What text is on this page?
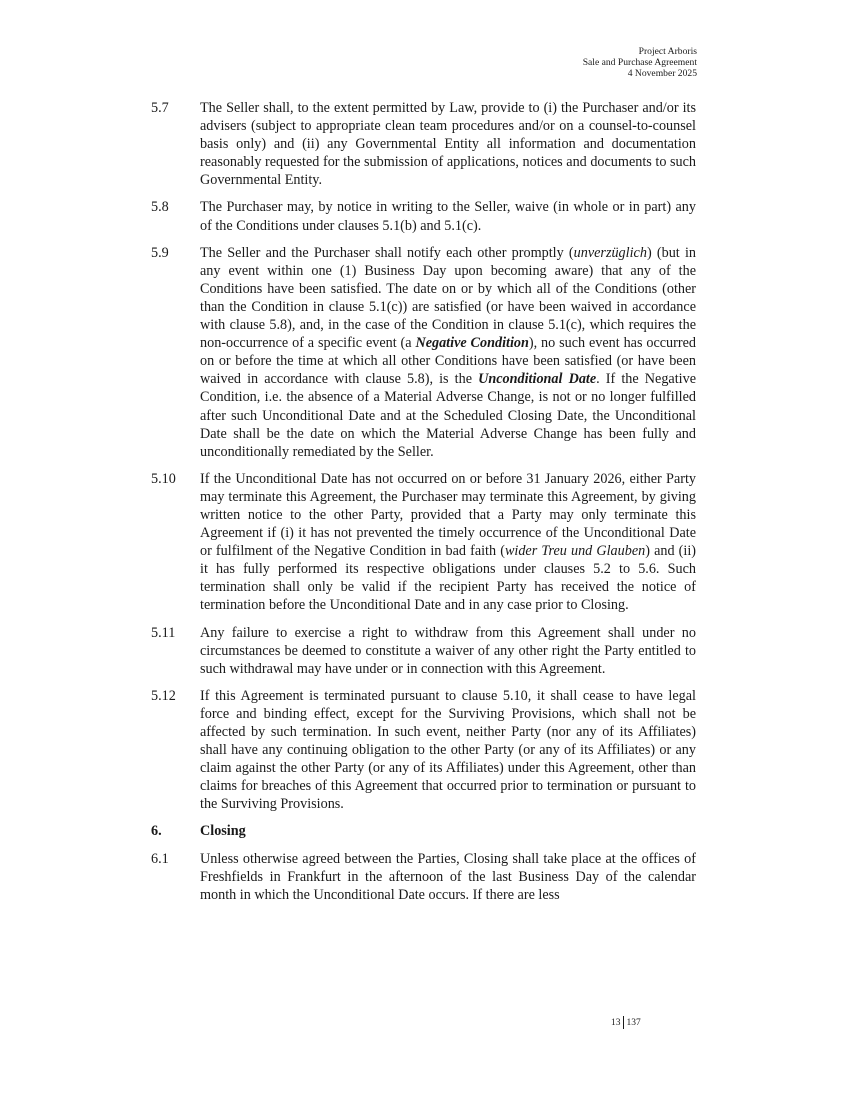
Project Arboris
Sale and Purchase Agreement
4 November 2025
5.7	The Seller shall, to the extent permitted by Law, provide to (i) the Purchaser and/or its advisers (subject to appropriate clean team procedures and/or on a counsel-to-counsel basis only) and (ii) any Governmental Entity all information and documentation reasonably requested for the submission of applications, notices and documents to such Governmental Entity.
5.8	The Purchaser may, by notice in writing to the Seller, waive (in whole or in part) any of the Conditions under clauses 5.1(b) and 5.1(c).
5.9	The Seller and the Purchaser shall notify each other promptly (unverzüglich) (but in any event within one (1) Business Day upon becoming aware) that any of the Conditions have been satisfied. The date on or by which all of the Conditions (other than the Condition in clause 5.1(c)) are satisfied (or have been waived in accordance with clause 5.8), and, in the case of the Condition in clause 5.1(c), which requires the non-occurrence of a specific event (a Negative Condition), no such event has occurred on or before the time at which all other Conditions have been satisfied (or have been waived in accordance with clause 5.8), is the Unconditional Date. If the Negative Condition, i.e. the absence of a Material Adverse Change, is not or no longer fulfilled after such Unconditional Date and at the Scheduled Closing Date, the Unconditional Date shall be the date on which the Material Adverse Change has been fully and unconditionally remediated by the Seller.
5.10	If the Unconditional Date has not occurred on or before 31 January 2026, either Party may terminate this Agreement, the Purchaser may terminate this Agreement, by giving written notice to the other Party, provided that a Party may only terminate this Agreement if (i) it has not prevented the timely occurrence of the Unconditional Date or fulfilment of the Negative Condition in bad faith (wider Treu und Glauben) and (ii) it has fully performed its respective obligations under clauses 5.2 to 5.6. Such termination shall only be valid if the recipient Party has received the notice of termination before the Unconditional Date and in any case prior to Closing.
5.11	Any failure to exercise a right to withdraw from this Agreement shall under no circumstances be deemed to constitute a waiver of any other right the Party entitled to such withdrawal may have under or in connection with this Agreement.
5.12	If this Agreement is terminated pursuant to clause 5.10, it shall cease to have legal force and binding effect, except for the Surviving Provisions, which shall not be affected by such termination. In such event, neither Party (nor any of its Affiliates) shall have any continuing obligation to the other Party (or any of its Affiliates) or any claim against the other Party (or any of its Affiliates) under this Agreement, other than claims for breaches of this Agreement that occurred prior to termination or pursuant to the Surviving Provisions.
6.	Closing
6.1	Unless otherwise agreed between the Parties, Closing shall take place at the offices of Freshfields in Frankfurt in the afternoon of the last Business Day of the calendar month in which the Unconditional Date occurs. If there are less
13 137
